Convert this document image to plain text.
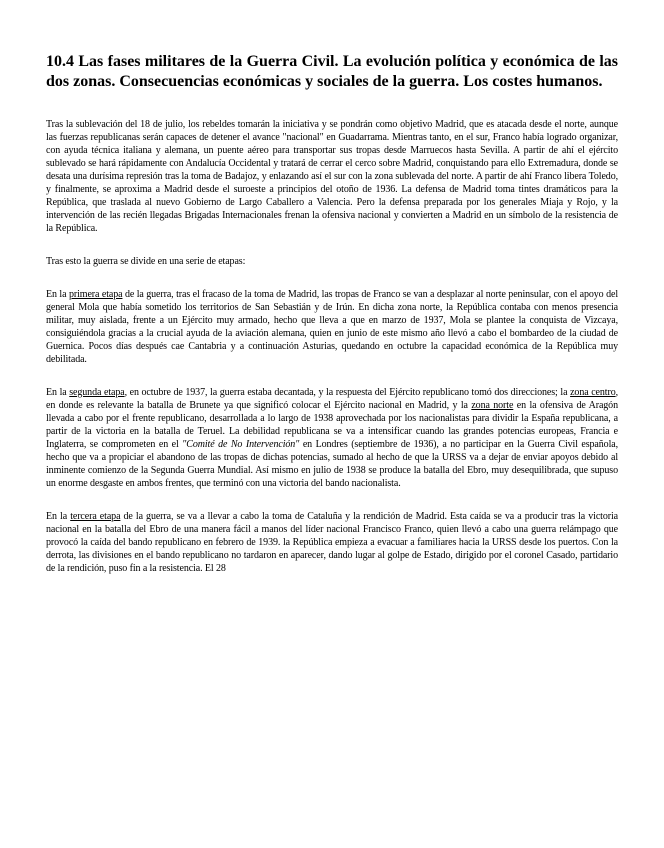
10.4 Las fases militares de la Guerra Civil. La evolución política y económica de las dos zonas. Consecuencias económicas y sociales de la guerra. Los costes humanos.

Tras la sublevación del 18 de julio, los rebeldes tomarán la iniciativa y se pondrán como objetivo Madrid, que es atacada desde el norte, aunque las fuerzas republicanas serán capaces de detener el avance "nacional" en Guadarrama. Mientras tanto, en el sur, Franco había logrado organizar, con ayuda técnica italiana y alemana, un puente aéreo para transportar sus tropas desde Marruecos hasta Sevilla. A partir de ahí el ejército sublevado se hará rápidamente con Andalucía Occidental y tratará de cerrar el cerco sobre Madrid, conquistando para ello Extremadura, donde se desata una durísima represión tras la toma de Badajoz, y enlazando así el sur con la zona sublevada del norte. A partir de ahí Franco libera Toledo, y finalmente, se aproxima a Madrid desde el suroeste a principios del otoño de 1936. La defensa de Madrid toma tintes dramáticos para la República, que traslada al nuevo Gobierno de Largo Caballero a Valencia. Pero la defensa preparada por los generales Miaja y Rojo, y la intervención de las recién llegadas Brigadas Internacionales frenan la ofensiva nacional y convierten a Madrid en un símbolo de la resistencia de la República.

Tras esto la guerra se divide en una serie de etapas:

En la primera etapa de la guerra, tras el fracaso de la toma de Madrid, las tropas de Franco se van a desplazar al norte peninsular, con el apoyo del general Mola que había sometido los territorios de San Sebastián y de Irún. En dicha zona norte, la República contaba con menos presencia militar, muy aislada, frente a un Ejército muy armado, hecho que lleva a que en marzo de 1937, Mola se plantee la conquista de Vizcaya, consiguiéndola gracias a la crucial ayuda de la aviación alemana, quien en junio de este mismo año llevó a cabo el bombardeo de la ciudad de Guernica. Pocos días después cae Cantabria y a continuación Asturias, quedando en octubre la capacidad económica de la República muy debilitada.

En la segunda etapa, en octubre de 1937, la guerra estaba decantada, y la respuesta del Ejército republicano tomó dos direcciones; la zona centro, en donde es relevante la batalla de Brunete ya que significó colocar el Ejército nacional en Madrid, y la zona norte en la ofensiva de Aragón llevada a cabo por el frente republicano, desarrollada a lo largo de 1938 aprovechada por los nacionalistas para dividir la España republicana, a partir de la victoria en la batalla de Teruel. La debilidad republicana se va a intensificar cuando las grandes potencias europeas, Francia e Inglaterra, se comprometen en el "Comité de No Intervención" en Londres (septiembre de 1936), a no participar en la Guerra Civil española, hecho que va a propiciar el abandono de las tropas de dichas potencias, sumado al hecho de que la URSS va a dejar de enviar apoyos debido al inminente comienzo de la Segunda Guerra Mundial. Así mismo en julio de 1938 se produce la batalla del Ebro, muy desequilibrada, que supuso un enorme desgaste en ambos frentes, que terminó con una victoria del bando nacionalista.

En la tercera etapa de la guerra, se va a llevar a cabo la toma de Cataluña y la rendición de Madrid. Esta caída se va a producir tras la victoria nacional en la batalla del Ebro de una manera fácil a manos del líder nacional Francisco Franco, quien llevó a cabo una guerra relámpago que provocó la caída del bando republicano en febrero de 1939. la República empieza a evacuar a familiares hacia la URSS desde los puertos. Con la derrota, las divisiones en el bando republicano no tardaron en aparecer, dando lugar al golpe de Estado, dirigido por el coronel Casado, partidario de la rendición, puso fin a la resistencia. El 28
